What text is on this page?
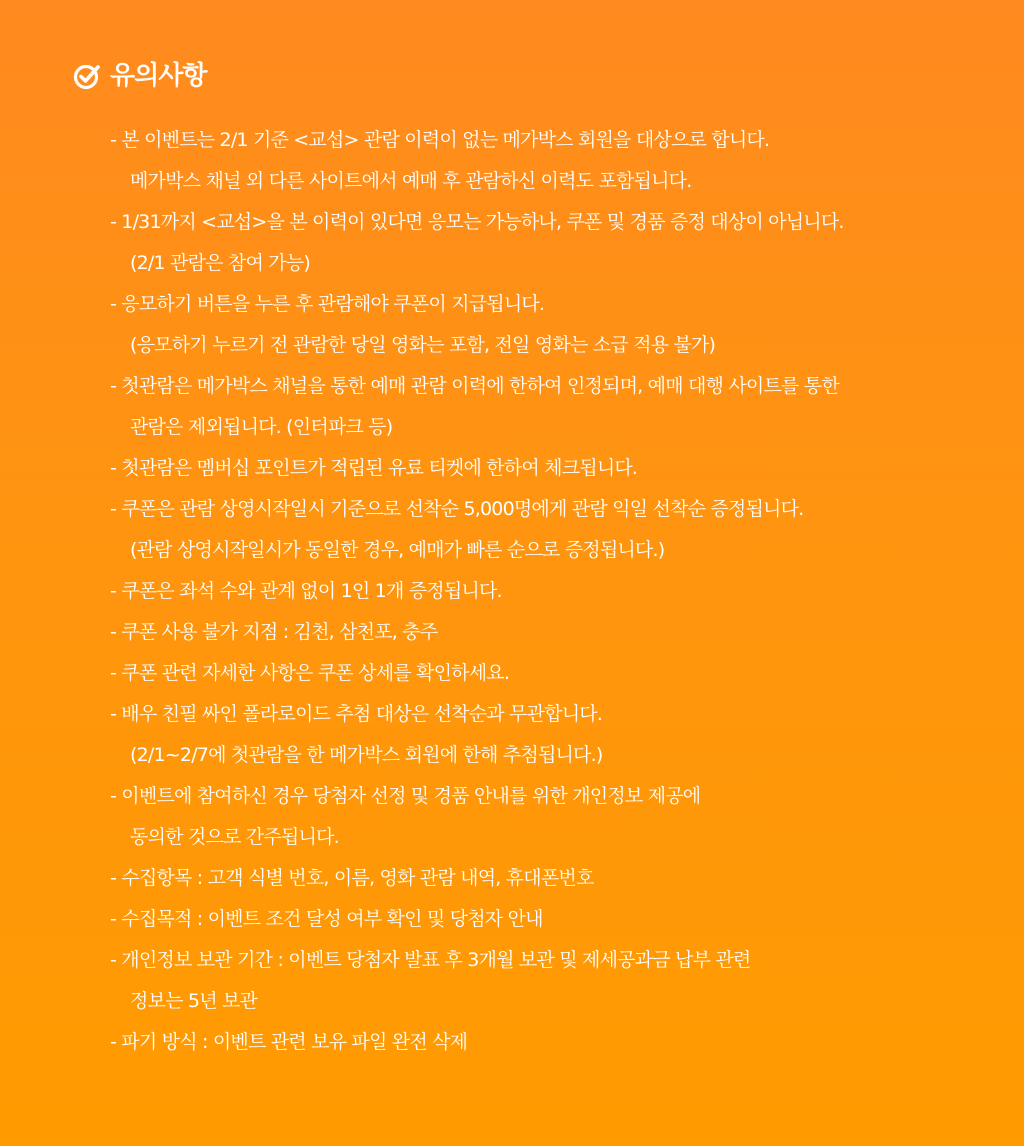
유의사항
- 본 이벤트는 2/1 기준 <교섭> 관람 이력이 없는 메가박스 회원을 대상으로 합니다.
메가박스 채널 외 다른 사이트에서 예매 후 관람하신 이력도 포함됩니다.
- 1/31까지 <교섭>을 본 이력이 있다면 응모는 가능하나, 쿠폰 및 경품 증정 대상이 아닙니다.
(2/1 관람은 참여 가능)
- 응모하기 버튼을 누른 후 관람해야 쿠폰이 지급됩니다.
(응모하기 누르기 전 관람한 당일 영화는 포함, 전일 영화는 소급 적용 불가)
- 첫관람은 메가박스 채널을 통한 예매 관람 이력에 한하여 인정되며, 예매 대행 사이트를 통한
관람은 제외됩니다. (인터파크 등)
- 첫관람은 멤버십 포인트가 적립된 유료 티켓에 한하여 체크됩니다.
- 쿠폰은 관람 상영시작일시 기준으로 선착순 5,000명에게 관람 익일 선착순 증정됩니다.
(관람 상영시작일시가 동일한 경우, 예매가 빠른 순으로 증정됩니다.)
- 쿠폰은 좌석 수와 관계 없이 1인 1개 증정됩니다.
- 쿠폰 사용 불가 지점 : 김천, 삼천포, 충주
- 쿠폰 관련 자세한 사항은 쿠폰 상세를 확인하세요.
- 배우 친필 싸인 폴라로이드 추첨 대상은 선착순과 무관합니다.
(2/1~2/7에 첫관람을 한 메가박스 회원에 한해 추첨됩니다.)
- 이벤트에 참여하신 경우 당첨자 선정 및 경품 안내를 위한 개인정보 제공에
동의한 것으로 간주됩니다.
- 수집항목 : 고객 식별 번호, 이름, 영화 관람 내역, 휴대폰번호
- 수집목적 : 이벤트 조건 달성 여부 확인 및 당첨자 안내
- 개인정보 보관 기간 : 이벤트 당첨자 발표 후 3개월 보관 및 제세공과금 납부 관련
정보는 5년 보관
- 파기 방식 : 이벤트 관련 보유 파일 완전 삭제
